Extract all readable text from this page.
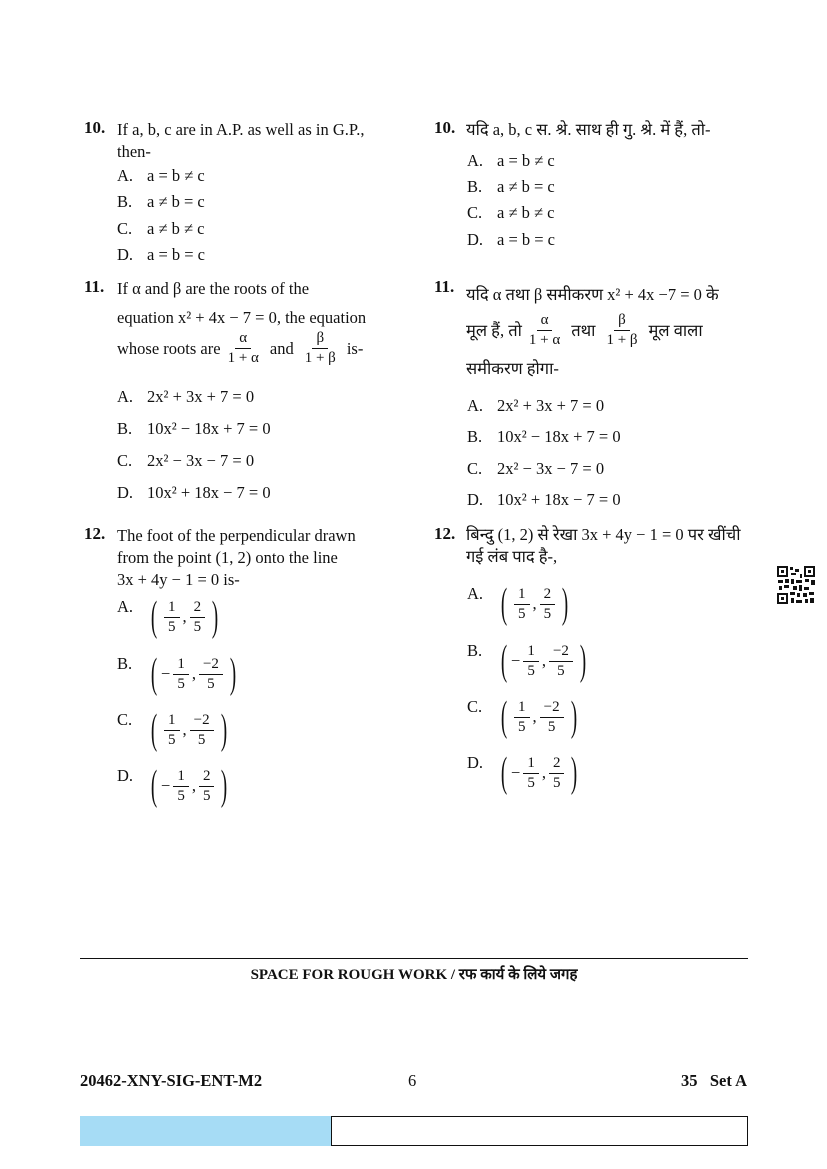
10. If a, b, c are in A.P. as well as in G.P.,
then-
A. a = b ≠ c
B. a ≠ b = c
C. a ≠ b ≠ c
D. a = b = c
11. If α and β are the roots of the
equation x² + 4x − 7 = 0, the equation
whose roots are $\frac{\alpha}{1 + \alpha}$ and $\frac{\beta}{1 + \beta} is-$
A. 2x² + 3x + 7 = 0
B. 10x² − 18x + 7 = 0
C. 2x² − 3x − 7 = 0
D. 10x² + 18x − 7 = 0
12. The foot of the perpendicular drawn
from the point (1, 2) onto the line
3x + 4y − 1 = 0 is-
A. ( $\frac{1}{5}$ , $\frac{2}{5}$ )
B. ( − $\frac{1}{5}$ , $\frac{-2}{5}$ )
C. ( $\frac{1}{5}$ , $\frac{-2}{5}$ )
D. ( − $\frac{1}{5}$ , $\frac{2}{5}$ )
10. यदि a, b, c स. श्रे. साथ ही गु. श्रे. में हैं, तो-
A. a = b ≠ c
B. a ≠ b = c
C. a ≠ b ≠ c
D. a = b = c
11. यदि α तथा β समीकरण x² + 4x −7 = 0 के
मूल हैं, तो $\frac{\alpha}{1 + \alpha}$ तथा $\frac{\beta}{1 + \beta}$ मूल वाला
समीकरण होगा-
A. 2x² + 3x + 7 = 0
B. 10x² − 18x + 7 = 0
C. 2x² − 3x − 7 = 0
D. 10x² + 18x − 7 = 0
12. बिन्दु (1, 2) से रेखा 3x + 4y − 1 = 0 पर खींची
गई लंब पाद है-,
A. ( $\frac{1}{5}$ , $\frac{2}{5}$ )
B. ( − $\frac{1}{5}$ , $\frac{-2}{5}$ )
C. ( $\frac{1}{5}$ , $\frac{-2}{5}$ )
D. ( − $\frac{1}{5}$ , $\frac{2}{5}$ )
SPACE FOR ROUGH WORK / रफ कार्य के लिये जगह
20462-XNY-SIG-ENT-M2	6	35   Set A
